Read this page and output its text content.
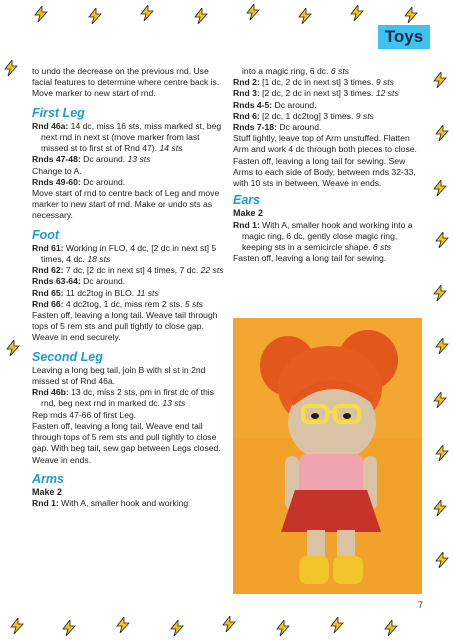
Toys

to undo the decrease on the previous rnd. Use facial features to determine where centre back is. Move marker to new start of rnd.

First Leg

Rnd 46a: 14 dc, miss 16 sts, miss marked st, beg next rnd in next st (move marker from last missed st to first st of Rnd 47). 14 sts

Rnds 47-48: Dc around. 13 sts

Change to A.

Rnds 49-60: Dc around.

Move start of rnd to centre back of Leg and move marker to new start of rnd. Make or undo sts as necessary.

Foot

Rnd 61: Working in FLO, 4 dc, [2 dc in next st] 5 times, 4 dc. 18 sts

Rnd 62: 7 dc, [2 dc in next st] 4 times, 7 dc. 22 sts

Rnds 63-64: Dc around.

Rnd 65: 11 dc2tog in BLO. 11 sts

Rnd 66: 4 dc2tog, 1 dc, miss rem 2 sts. 5 sts

Fasten off, leaving a long tail. Weave tail through tops of 5 rem sts and pull tightly to close gap. Weave in end securely.

Second Leg

Leaving a long beg tail, join B with sl st in 2nd missed st of Rnd 46a.

Rnd 46b: 13 dc, miss 2 sts, pm in first dc of this rnd, beg next rnd in marked dc. 13 sts

Rep rnds 47-66 of first Leg.

Fasten off, leaving a long tail. Weave end tail through tops of 5 rem sts and pull tightly to close gap. With beg tail, sew gap between Legs closed. Weave in ends.

Arms
Make 2

Rnd 1: With A, smaller hook and working

into a magic ring, 6 dc. 6 sts

Rnd 2: [1 dc, 2 dc in next st] 3 times. 9 sts

Rnd 3: [2 dc, 2 dc in next st] 3 times. 12 sts

Rnds 4-5: Dc around.

Rnd 6: [2 dc, 1 dc2tog] 3 times. 9 sts

Rnds 7-18: Dc around.

Stuff lightly, leave top of Arm unstuffed. Flatten Arm and work 4 dc through both pieces to close.

Fasten off, leaving a long tail for sewing. Sew Arms to each side of Body, between rnds 32-33, with 10 sts in between. Weave in ends.

Ears
Make 2

Rnd 1: With A, smaller hook and working into a magic ring, 6 dc, gently close magic ring, keeping sts in a semicircle shape. 6 sts

Fasten off, leaving a long tail for sewing.

7
